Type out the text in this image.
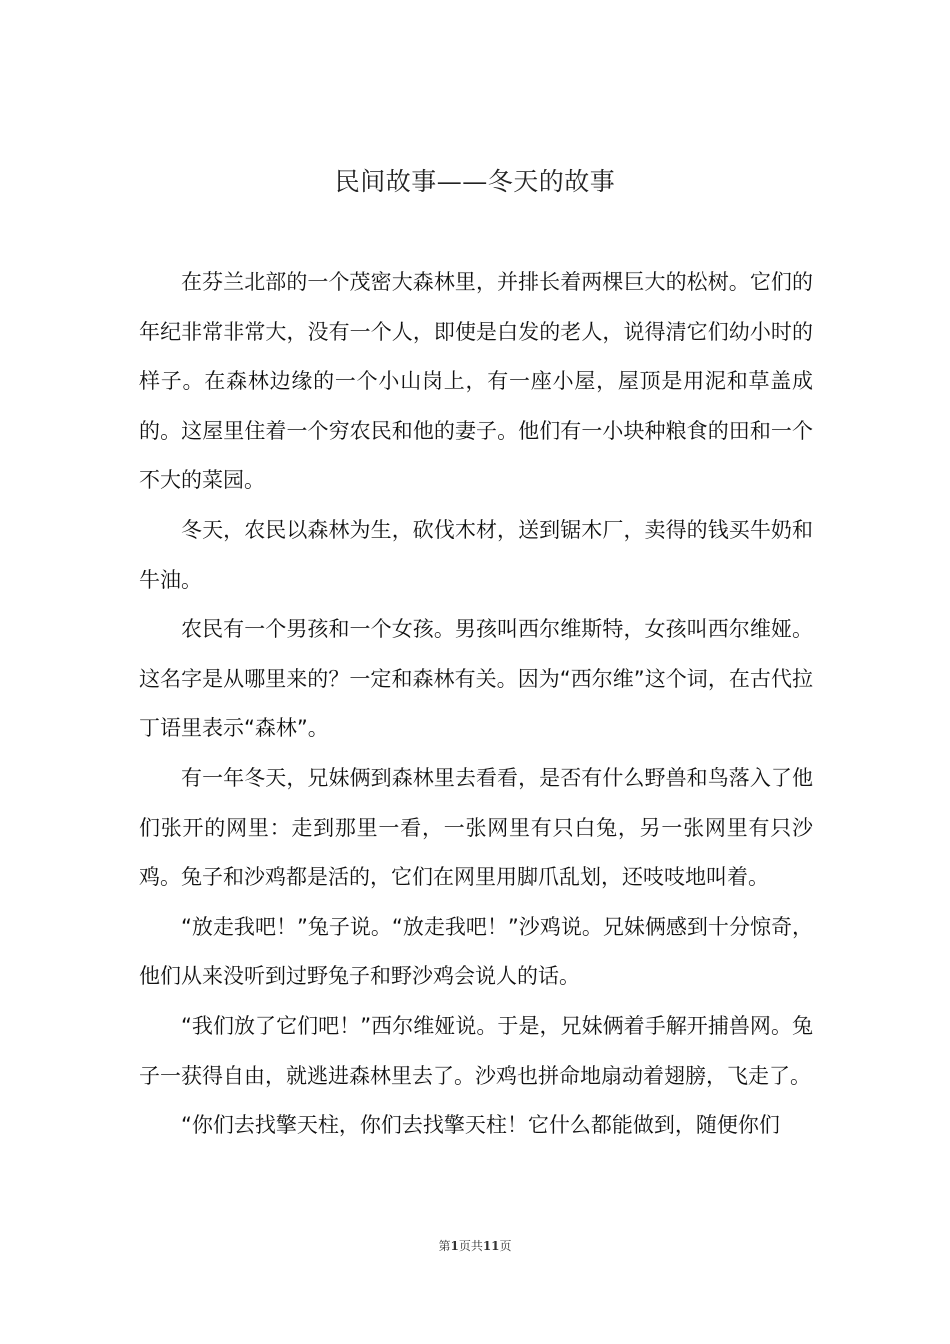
民间故事——冬天的故事

在芬兰北部的一个茂密大森林里，并排长着两棵巨大的松树。它们的年纪非常非常大，没有一个人，即使是白发的老人，说得清它们幼小时的样子。在森林边缘的一个小山岗上，有一座小屋，屋顶是用泥和草盖成的。这屋里住着一个穷农民和他的妻子。他们有一小块种粮食的田和一个不大的菜园。

冬天，农民以森林为生，砍伐木材，送到锯木厂，卖得的钱买牛奶和牛油。

农民有一个男孩和一个女孩。男孩叫西尔维斯特，女孩叫西尔维娅。这名字是从哪里来的？一定和森林有关。因为“西尔维”这个词，在古代拉丁语里表示“森林”。

有一年冬天，兄妹俩到森林里去看看，是否有什么野兽和鸟落入了他们张开的网里：走到那里一看，一张网里有只白兔，另一张网里有只沙鸡。兔子和沙鸡都是活的，它们在网里用脚爪乱划，还吱吱地叫着。

“放走我吧！”兔子说。“放走我吧！”沙鸡说。兄妹俩感到十分惊奇，他们从来没听到过野兔子和野沙鸡会说人的话。

“我们放了它们吧！”西尔维娅说。于是，兄妹俩着手解开捕兽网。兔子一获得自由，就逃进森林里去了。沙鸡也拼命地扇动着翅膀，飞走了。

“你们去找擎天柱，你们去找擎天柱！它什么都能做到，随便你们

第1页共11页
